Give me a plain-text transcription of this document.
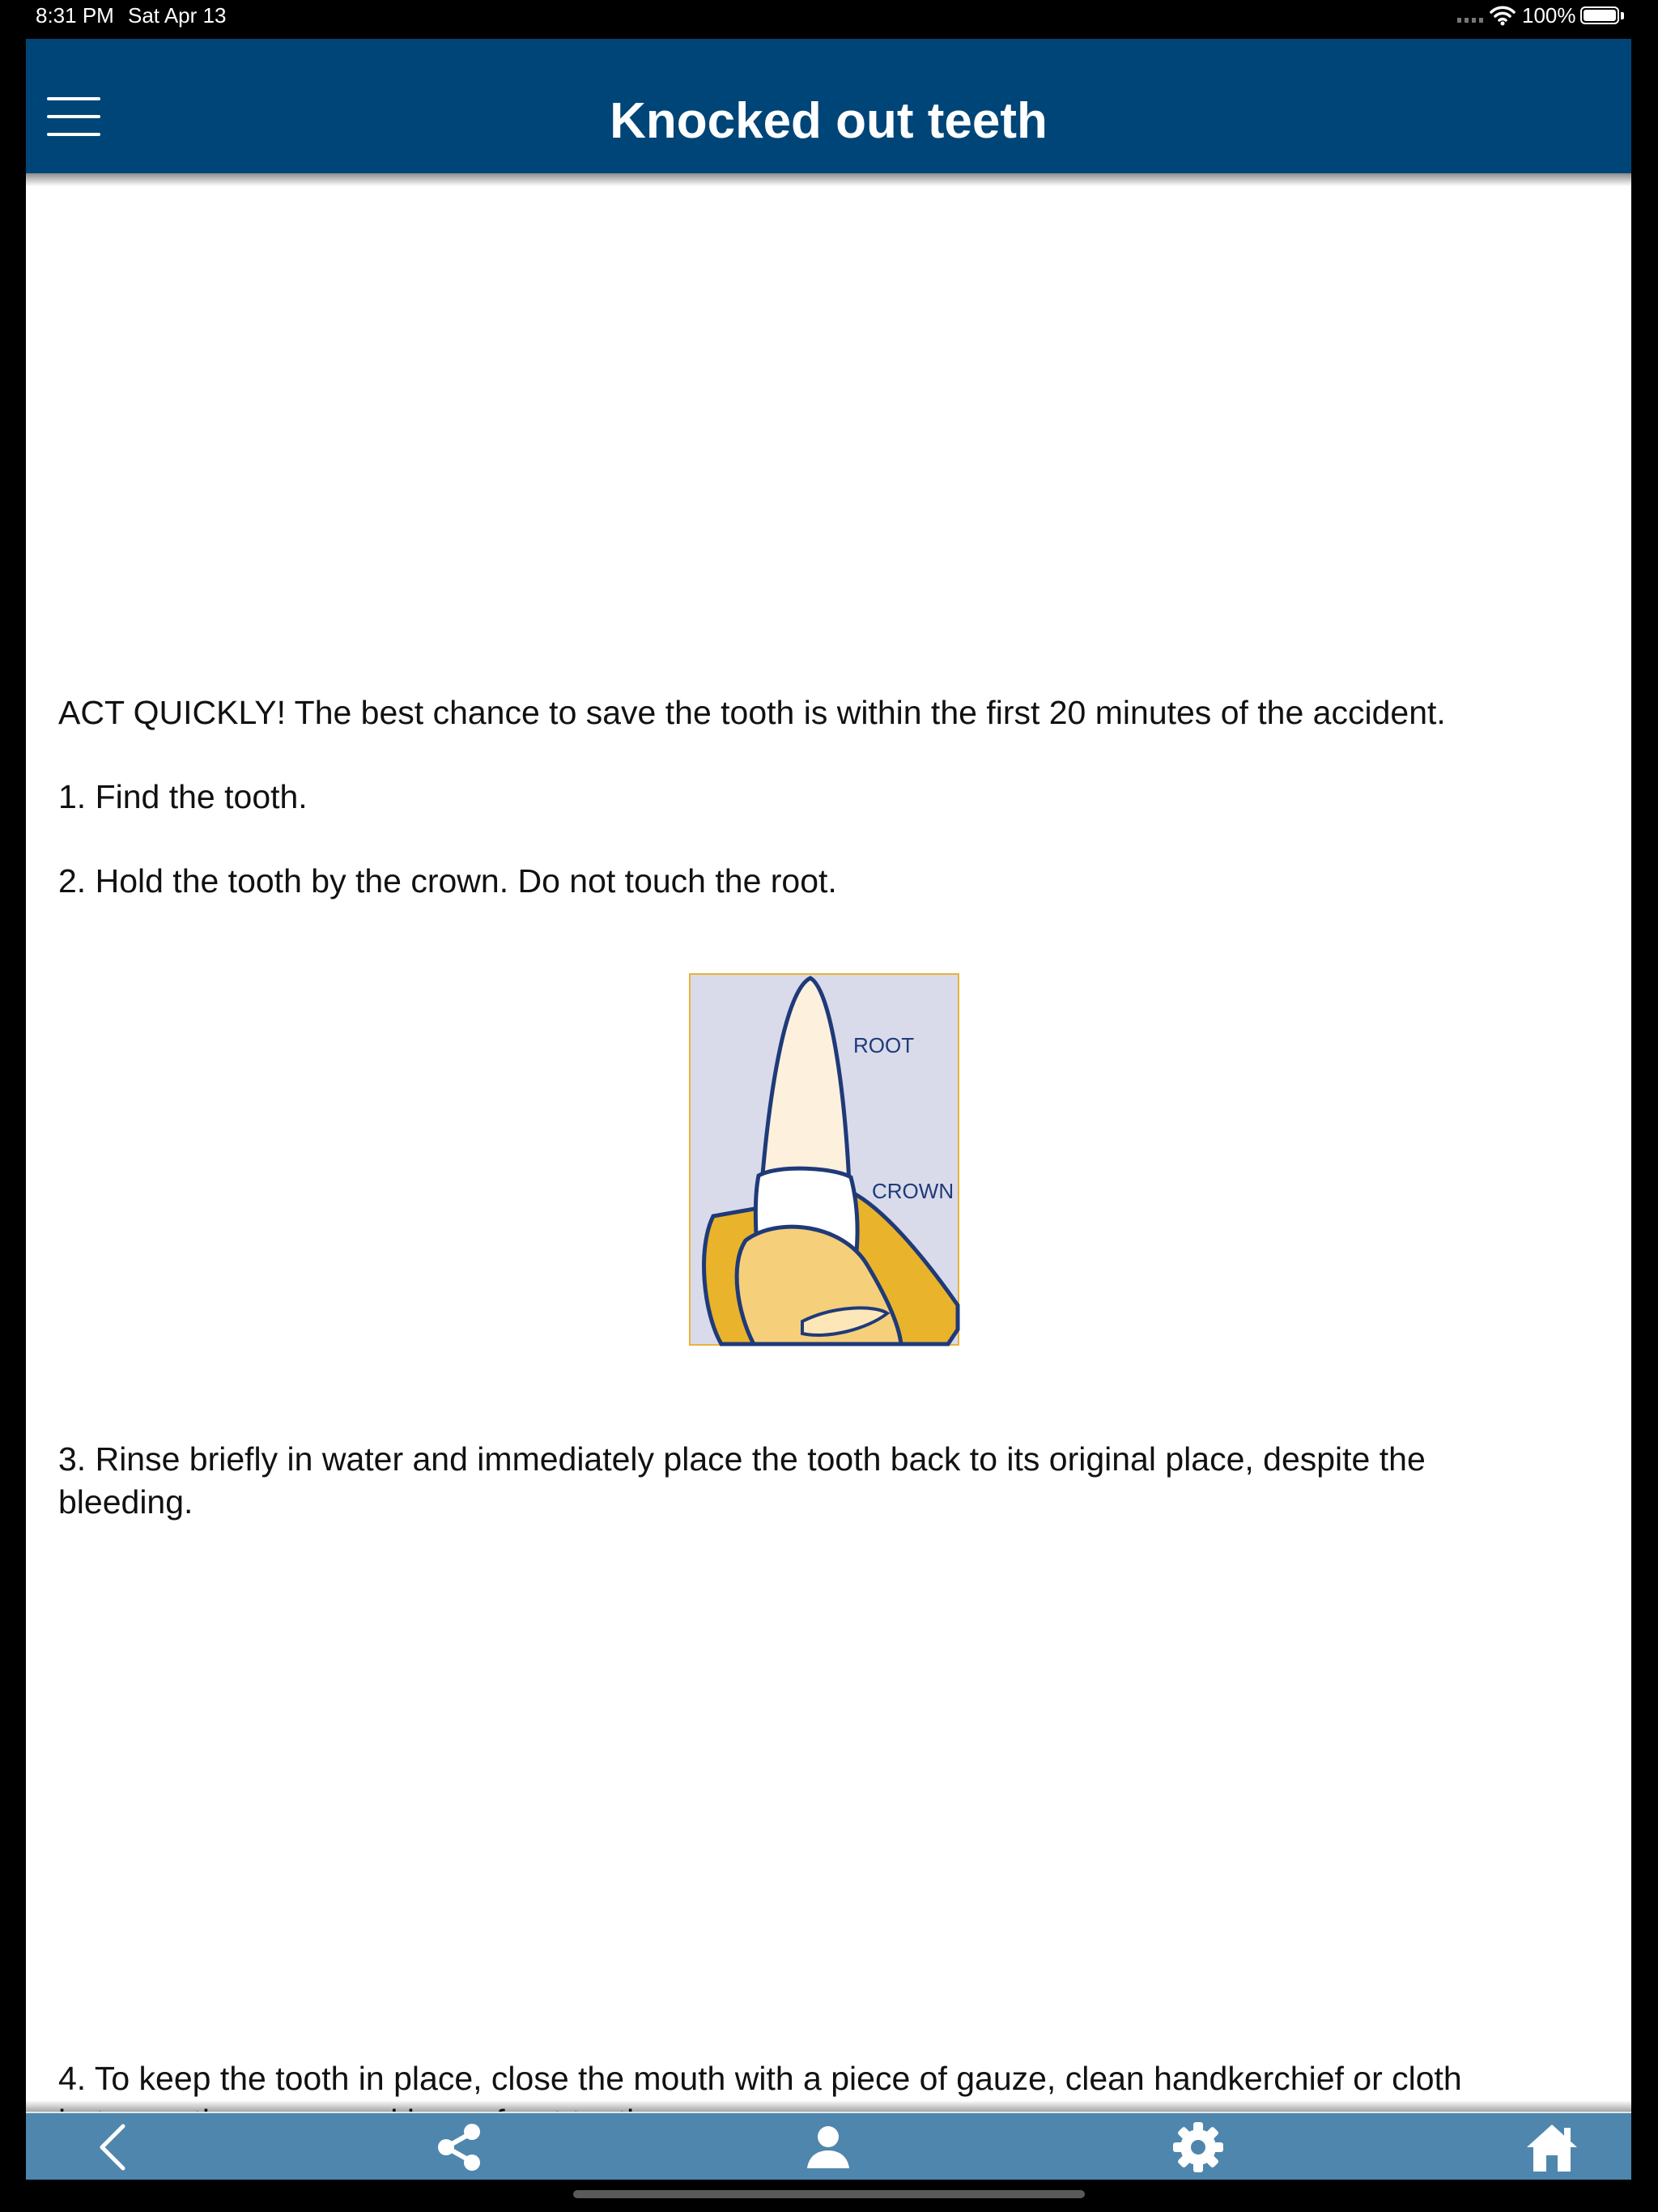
8:31 PM Sat Apr 13	100%
Knocked out teeth

ACT QUICKLY! The best chance to save the tooth is within the first 20 minutes of the accident.

1. Find the tooth.

2. Hold the tooth by the crown. Do not touch the root.

ROOT
CROWN

3. Rinse briefly in water and immediately place the tooth back to its original place, despite the bleeding.

4. To keep the tooth in place, close the mouth with a piece of gauze, clean handkerchief or cloth
